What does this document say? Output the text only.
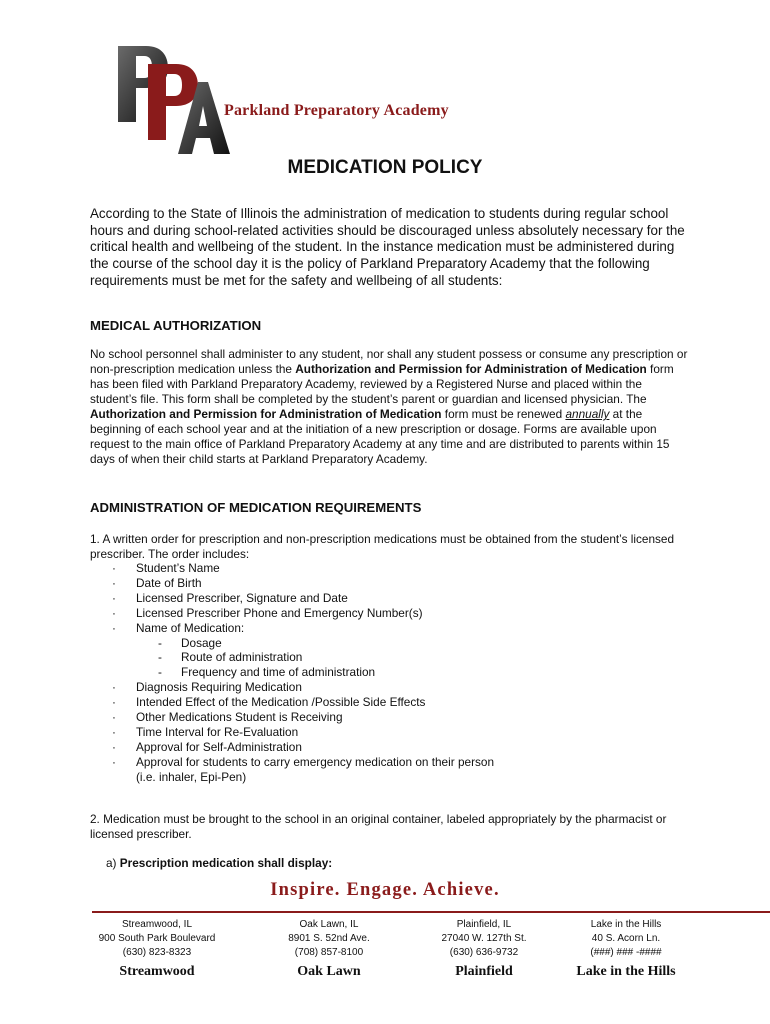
Parkland Preparatory Academy
MEDICATION POLICY
According to the State of Illinois the administration of medication to students during regular school hours and during school-related activities should be discouraged unless absolutely necessary for the critical health and wellbeing of the student. In the instance medication must be administered during the course of the school day it is the policy of Parkland Preparatory Academy that the following requirements must be met for the safety and wellbeing of all students:
MEDICAL AUTHORIZATION
No school personnel shall administer to any student, nor shall any student possess or consume any prescription or non-prescription medication unless the Authorization and Permission for Administration of Medication form has been filed with Parkland Preparatory Academy, reviewed by a Registered Nurse and placed within the student’s file. This form shall be completed by the student’s parent or guardian and licensed physician. The Authorization and Permission for Administration of Medication form must be renewed annually at the beginning of each school year and at the initiation of a new prescription or dosage. Forms are available upon request to the main office of Parkland Preparatory Academy at any time and are distributed to parents within 15 days of when their child starts at Parkland Preparatory Academy.
ADMINISTRATION OF MEDICATION REQUIREMENTS
1. A written order for prescription and non-prescription medications must be obtained from the student’s licensed prescriber. The order includes:
· Student’s Name
· Date of Birth
· Licensed Prescriber, Signature and Date
· Licensed Prescriber Phone and Emergency Number(s)
· Name of Medication:
- Dosage
- Route of administration
- Frequency and time of administration
· Diagnosis Requiring Medication
· Intended Effect of the Medication /Possible Side Effects
· Other Medications Student is Receiving
· Time Interval for Re-Evaluation
· Approval for Self-Administration
· Approval for students to carry emergency medication on their person
(i.e. inhaler, Epi-Pen)
2. Medication must be brought to the school in an original container, labeled appropriately by the pharmacist or licensed prescriber.
a) Prescription medication shall display:
Inspire. Engage. Achieve.
Streamwood, IL
900 South Park Boulevard
(630) 823-8323
Streamwood
Oak Lawn, IL
8901 S. 52nd Ave.
(708) 857-8100
Oak Lawn
Plainfield, IL
27040 W. 127th St.
(630) 636-9732
Plainfield
Lake in the Hills
40 S. Acorn Ln.
(###) ### -####
Lake in the Hills
